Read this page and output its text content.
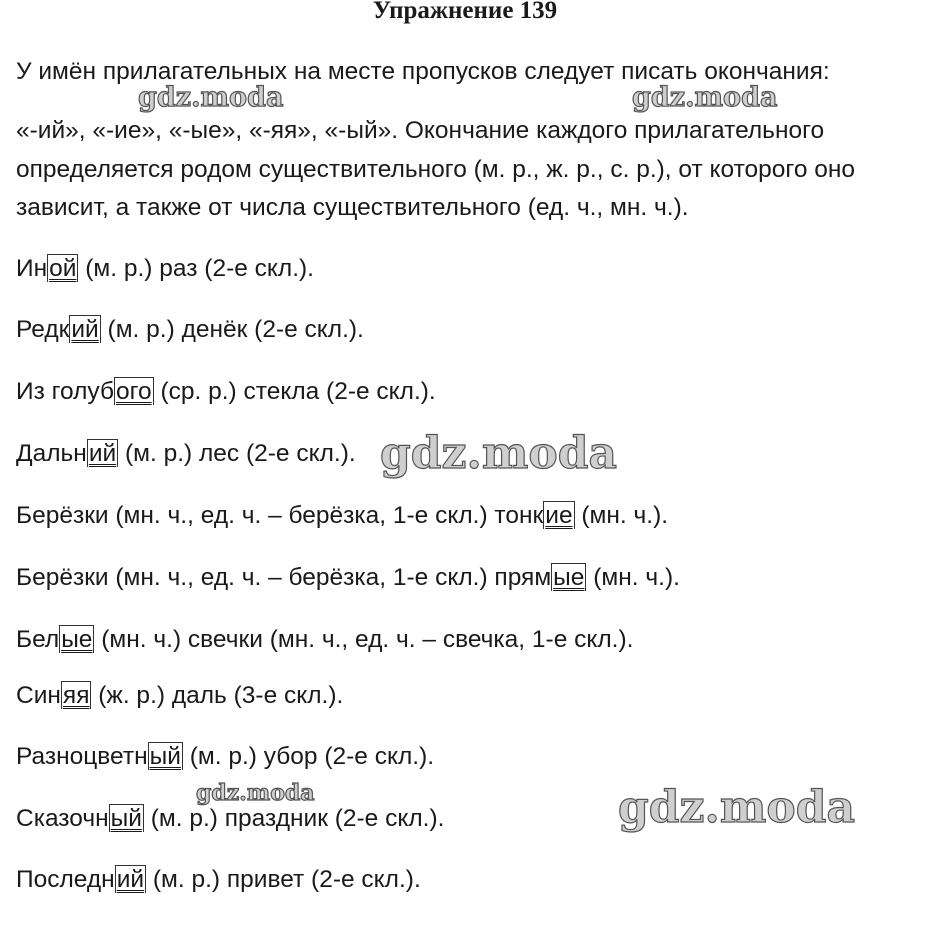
Упражнение 139
У имён прилагательных на месте пропусков следует писать окончания:
«-ий», «-ие», «-ые», «-яя», «-ый». Окончание каждого прилагательного
определяется родом существительного (м. р., ж. р., с. р.), от которого оно
зависит, а также от числа существительного (ед. ч., мн. ч.).
Иной (м. р.) раз (2-е скл.).
Редкий (м. р.) денёк (2-е скл.).
Из голубого (ср. р.) стекла (2-е скл.).
Дальний (м. р.) лес (2-е скл.).
Берёзки (мн. ч., ед. ч. – берёзка, 1-е скл.) тонкие (мн. ч.).
Берёзки (мн. ч., ед. ч. – берёзка, 1-е скл.) прямые (мн. ч.).
Белые (мн. ч.) свечки (мн. ч., ед. ч. – свечка, 1-е скл.).
Синяя (ж. р.) даль (3-е скл.).
Разноцветный (м. р.) убор (2-е скл.).
Сказочный (м. р.) праздник (2-е скл.).
Последний (м. р.) привет (2-е скл.).
gdz.moda	gdz.moda
gdz.moda
gdz.moda	gdz.moda
